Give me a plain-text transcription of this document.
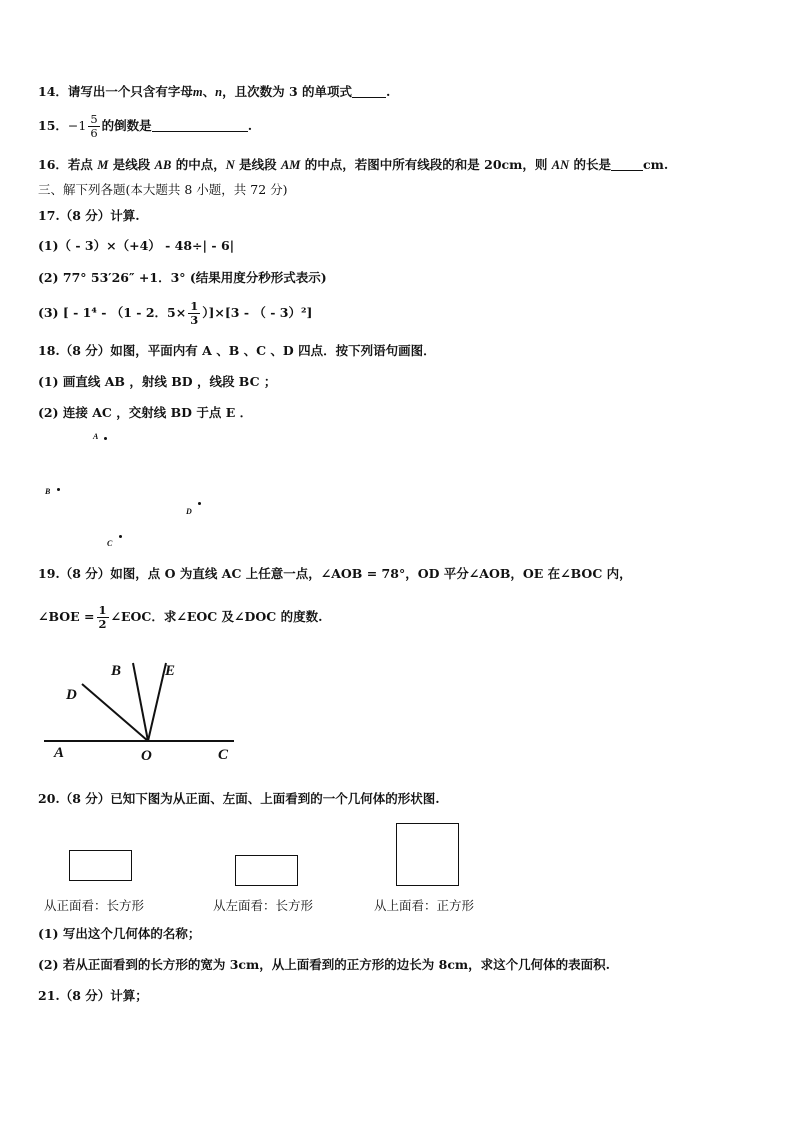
14．请写出一个只含有字母m、n，且次数为 3 的单项式	.
15．$-1 \frac{5}{6}$ 的倒数是	.
16．若点 M 是线段 AB 的中点，N 是线段 AM 的中点，若图中所有线段的和是 20cm，则 AN 的长是	cm.
三、解下列各题(本大题共 8 小题，共 72 分)
17.（8 分）计算.
(1)（ - 3）×（+4） - 48÷| - 6|
(2) 77° 53′26″ +1．3° (结果用度分秒形式表示)
(3) [ - 1⁴ - （1 - 2．$5\times \frac{1}{3} )]\times[3$ - （ - 3）²]
18.（8 分）如图，平面内有 A 、B 、C 、D 四点．按下列语句画图．
(1) 画直线 AB ，射线 BD ，线段 BC ；
(2) 连接 AC ，交射线 BD 于点 E ．
A
B
D
C
19.（8 分）如图，点 O 为直线 AC 上任意一点，∠AOB = 78°，OD 平分∠AOB，OE 在∠BOC 内，
∠BOE = $\frac{1}{2}$ ∠EOC．求∠EOC 及∠DOC 的度数.
A	O	C
D
B	E
20.（8 分）已知下图为从正面、左面、上面看到的一个几何体的形状图.
从正面看：长方形	从左面看：长方形	从上面看：正方形
(1) 写出这个几何体的名称；
(2) 若从正面看到的长方形的宽为 3cm，从上面看到的正方形的边长为 8cm，求这个几何体的表面积.
21.（8 分）计算；
